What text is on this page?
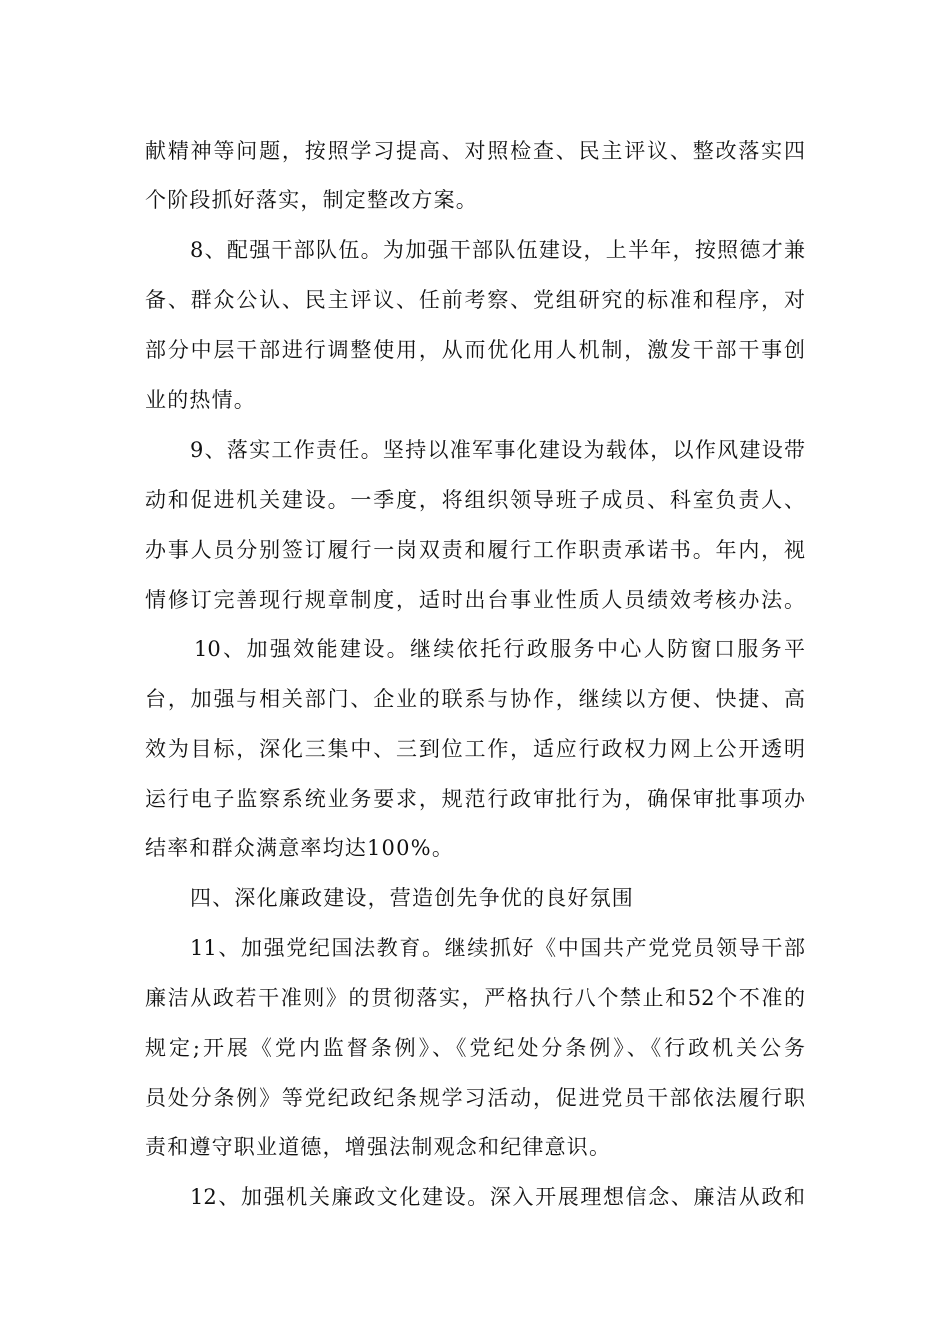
献精神等问题，按照学习提高、对照检查、民主评议、整改落实四
个阶段抓好落实，制定整改方案。
8、配强干部队伍。为加强干部队伍建设，上半年，按照德才兼
备、群众公认、民主评议、任前考察、党组研究的标准和程序，对
部分中层干部进行调整使用，从而优化用人机制，激发干部干事创
业的热情。
9、落实工作责任。坚持以准军事化建设为载体，以作风建设带
动和促进机关建设。一季度，将组织领导班子成员、科室负责人、
办事人员分别签订履行一岗双责和履行工作职责承诺书。年内，视
情修订完善现行规章制度，适时出台事业性质人员绩效考核办法。
10、加强效能建设。继续依托行政服务中心人防窗口服务平
台，加强与相关部门、企业的联系与协作，继续以方便、快捷、高
效为目标，深化三集中、三到位工作，适应行政权力网上公开透明
运行电子监察系统业务要求，规范行政审批行为，确保审批事项办
结率和群众满意率均达100%。
四、深化廉政建设，营造创先争优的良好氛围
11、加强党纪国法教育。继续抓好《中国共产党党员领导干部
廉洁从政若干准则》的贯彻落实，严格执行八个禁止和52个不准的
规定;开展《党内监督条例》、《党纪处分条例》、《行政机关公务
员处分条例》等党纪政纪条规学习活动，促进党员干部依法履行职
责和遵守职业道德，增强法制观念和纪律意识。
12、加强机关廉政文化建设。深入开展理想信念、廉洁从政和
